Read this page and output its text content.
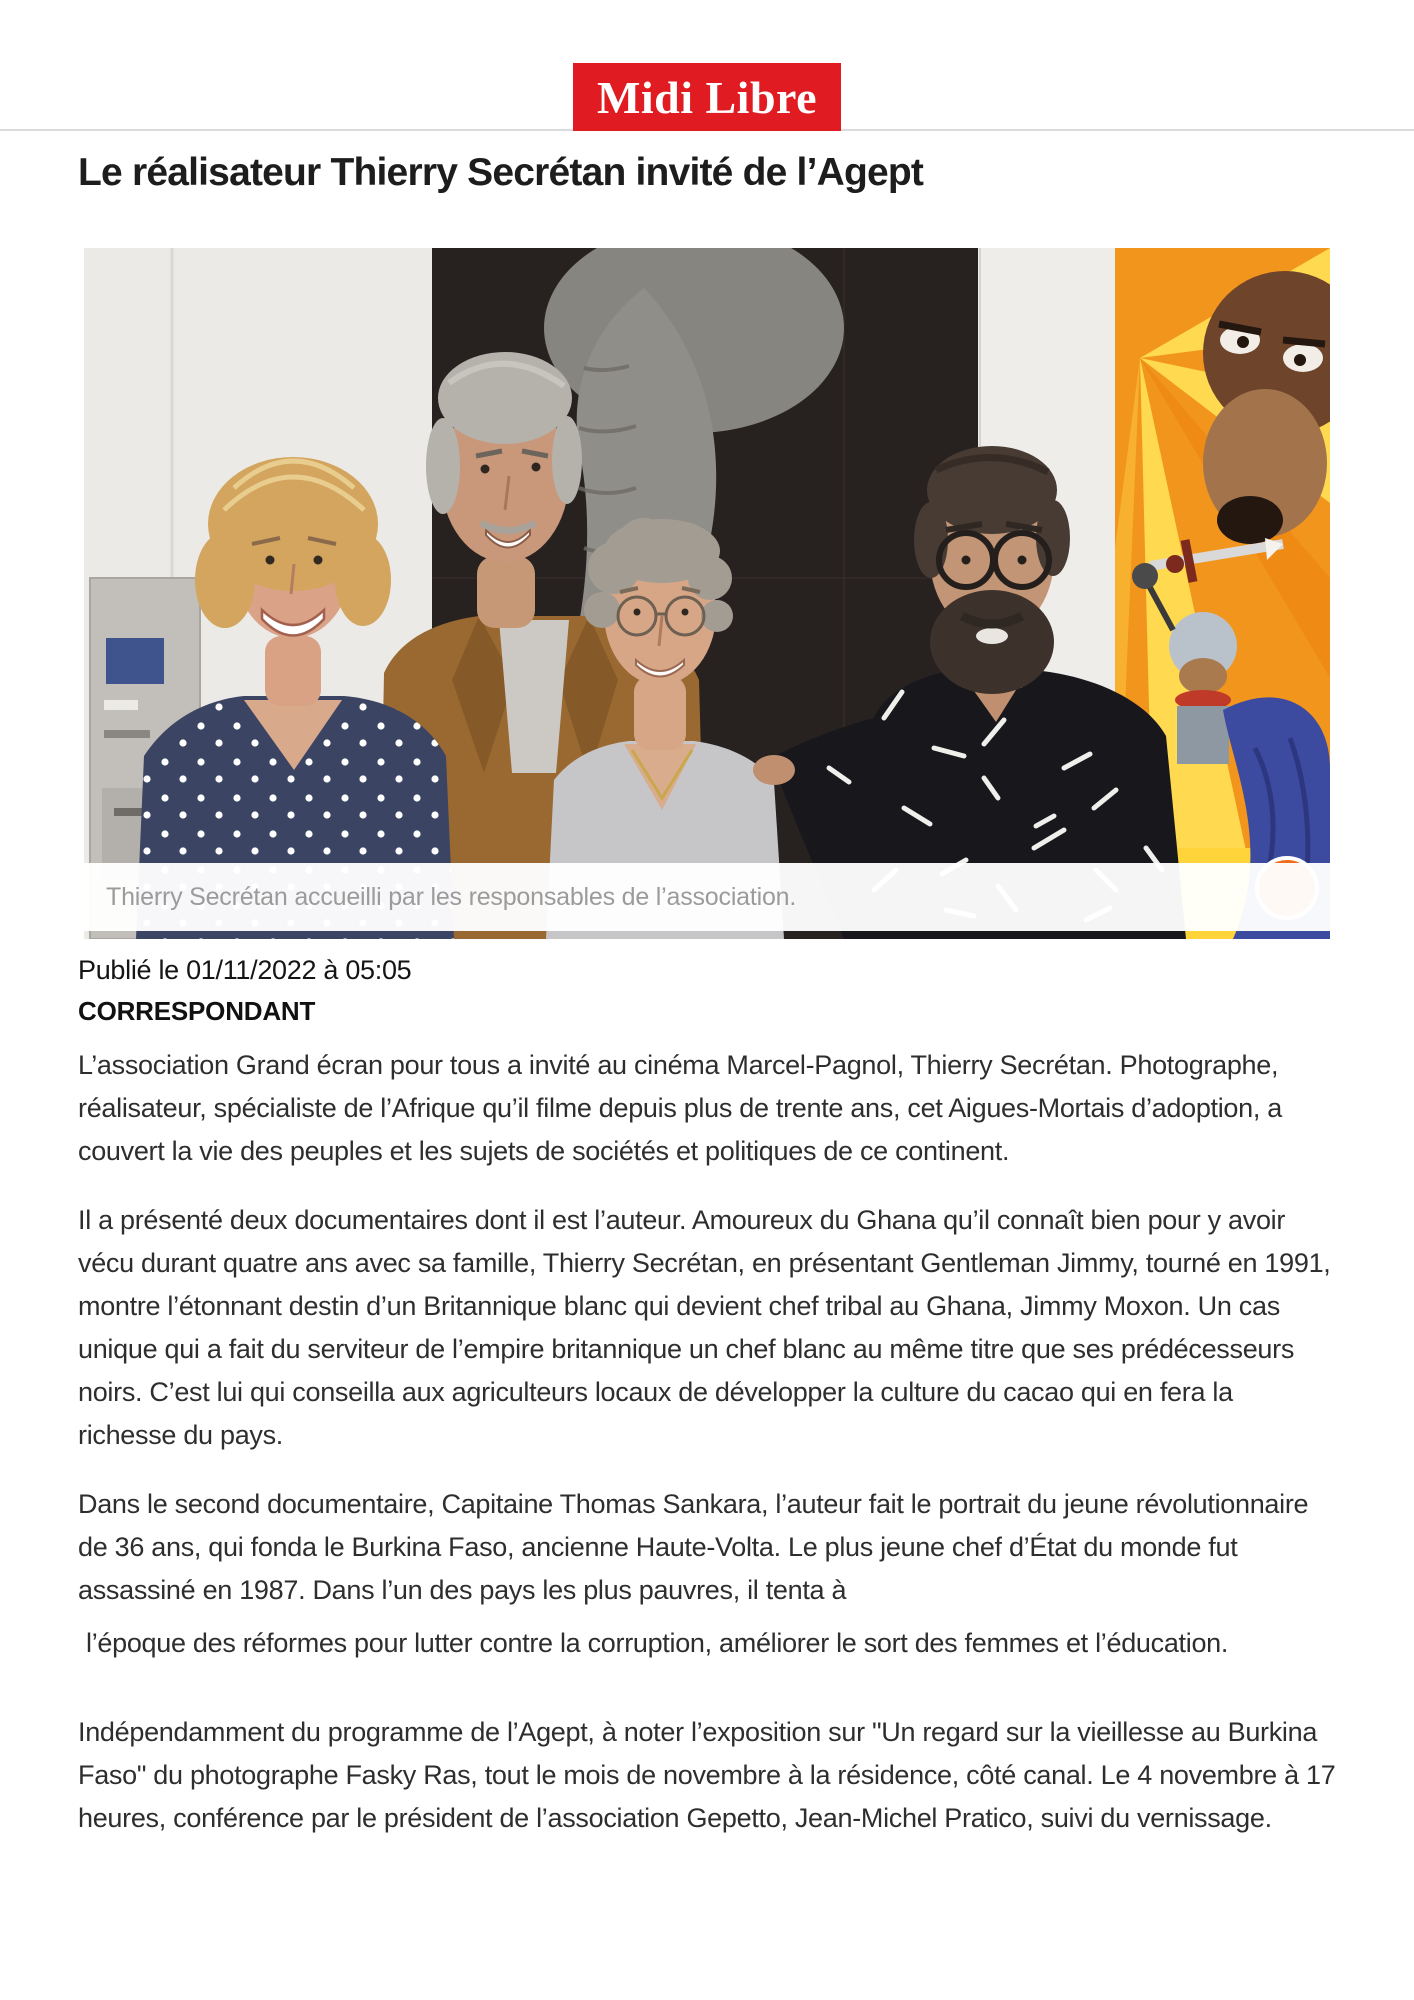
Midi Libre
Le réalisateur Thierry Secrétan invité de l’Agept
Thierry Secrétan accueilli par les responsables de l’association.
Publié le 01/11/2022 à 05:05
CORRESPONDANT

L’association Grand écran pour tous a invité au cinéma Marcel-Pagnol, Thierry Secrétan. Photographe, réalisateur, spécialiste de l’Afrique qu’il filme depuis plus de trente ans, cet Aigues-Mortais d’adoption, a couvert la vie des peuples et les sujets de sociétés et politiques de ce continent.

Il a présenté deux documentaires dont il est l’auteur. Amoureux du Ghana qu’il connaît bien pour y avoir vécu durant quatre ans avec sa famille, Thierry Secrétan, en présentant Gentleman Jimmy, tourné en 1991, montre l’étonnant destin d’un Britannique blanc qui devient chef tribal au Ghana, Jimmy Moxon. Un cas unique qui a fait du serviteur de l’empire britannique un chef blanc au même titre que ses prédécesseurs noirs. C’est lui qui conseilla aux agriculteurs locaux de développer la culture du cacao qui en fera la richesse du pays.

Dans le second documentaire, Capitaine Thomas Sankara, l’auteur fait le portrait du jeune révolutionnaire de 36 ans, qui fonda le Burkina Faso, ancienne Haute-Volta. Le plus jeune chef d’État du monde fut assassiné en 1987. Dans l’un des pays les plus pauvres, il tenta à

l’époque des réformes pour lutter contre la corruption, améliorer le sort des femmes et l’éducation.

Indépendamment du programme de l’Agept, à noter l’exposition sur "Un regard sur la vieillesse au Burkina Faso" du photographe Fasky Ras, tout le mois de novembre à la résidence, côté canal. Le 4 novembre à 17 heures, conférence par le président de l’association Gepetto, Jean-Michel Pratico, suivi du vernissage.
